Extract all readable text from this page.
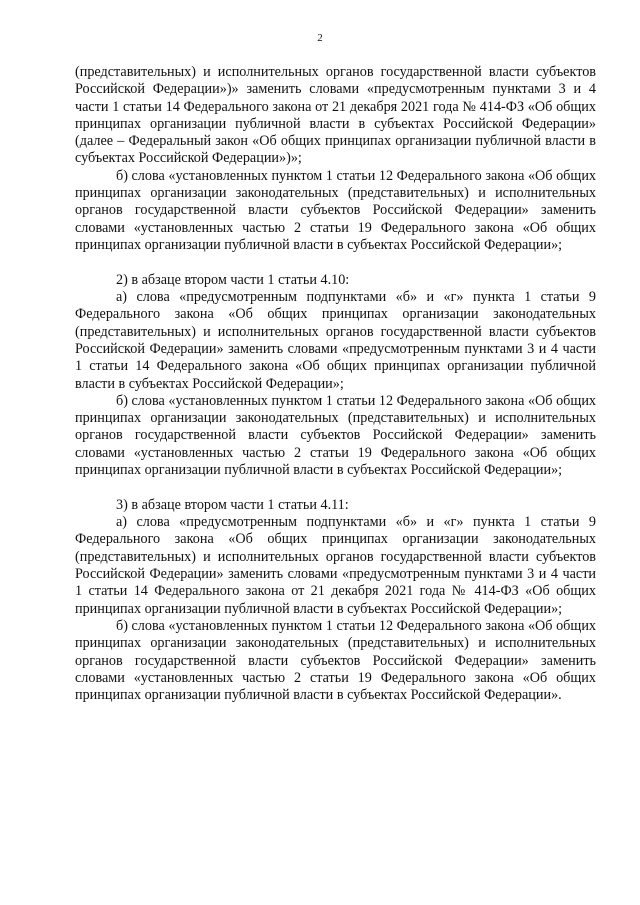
2

(представительных) и исполнительных органов государственной власти субъектов Российской Федерации»)» заменить словами «предусмотренным пунктами 3 и 4 части 1 статьи 14 Федерального закона от 21 декабря 2021 года № 414-ФЗ «Об общих принципах организации публичной власти в субъектах Российской Федерации» (далее – Федеральный закон «Об общих принципах организации публичной власти в субъектах Российской Федерации»)»;

б) слова «установленных пунктом 1 статьи 12 Федерального закона «Об общих принципах организации законодательных (представительных) и исполнительных органов государственной власти субъектов Российской Федерации» заменить словами «установленных частью 2 статьи 19 Федерального закона «Об общих принципах организации публичной власти в субъектах Российской Федерации»;

2) в абзаце втором части 1 статьи 4.10:

а) слова «предусмотренным подпунктами «б» и «г» пункта 1 статьи 9 Федерального закона «Об общих принципах организации законодательных (представительных) и исполнительных органов государственной власти субъектов Российской Федерации» заменить словами «предусмотренным пунктами 3 и 4 части 1 статьи 14 Федерального закона «Об общих принципах организации публичной власти в субъектах Российской Федерации»;

б) слова «установленных пунктом 1 статьи 12 Федерального закона «Об общих принципах организации законодательных (представительных) и исполнительных органов государственной власти субъектов Российской Федерации» заменить словами «установленных частью 2 статьи 19 Федерального закона «Об общих принципах организации публичной власти в субъектах Российской Федерации»;

3) в абзаце втором части 1 статьи 4.11:

а) слова «предусмотренным подпунктами «б» и «г» пункта 1 статьи 9 Федерального закона «Об общих принципах организации законодательных (представительных) и исполнительных органов государственной власти субъектов Российской Федерации» заменить словами «предусмотренным пунктами 3 и 4 части 1 статьи 14 Федерального закона от 21 декабря 2021 года № 414-ФЗ «Об общих принципах организации публичной власти в субъектах Российской Федерации»;

б) слова «установленных пунктом 1 статьи 12 Федерального закона «Об общих принципах организации законодательных (представительных) и исполнительных органов государственной власти субъектов Российской Федерации» заменить словами «установленных частью 2 статьи 19 Федерального закона «Об общих принципах организации публичной власти в субъектах Российской Федерации».
